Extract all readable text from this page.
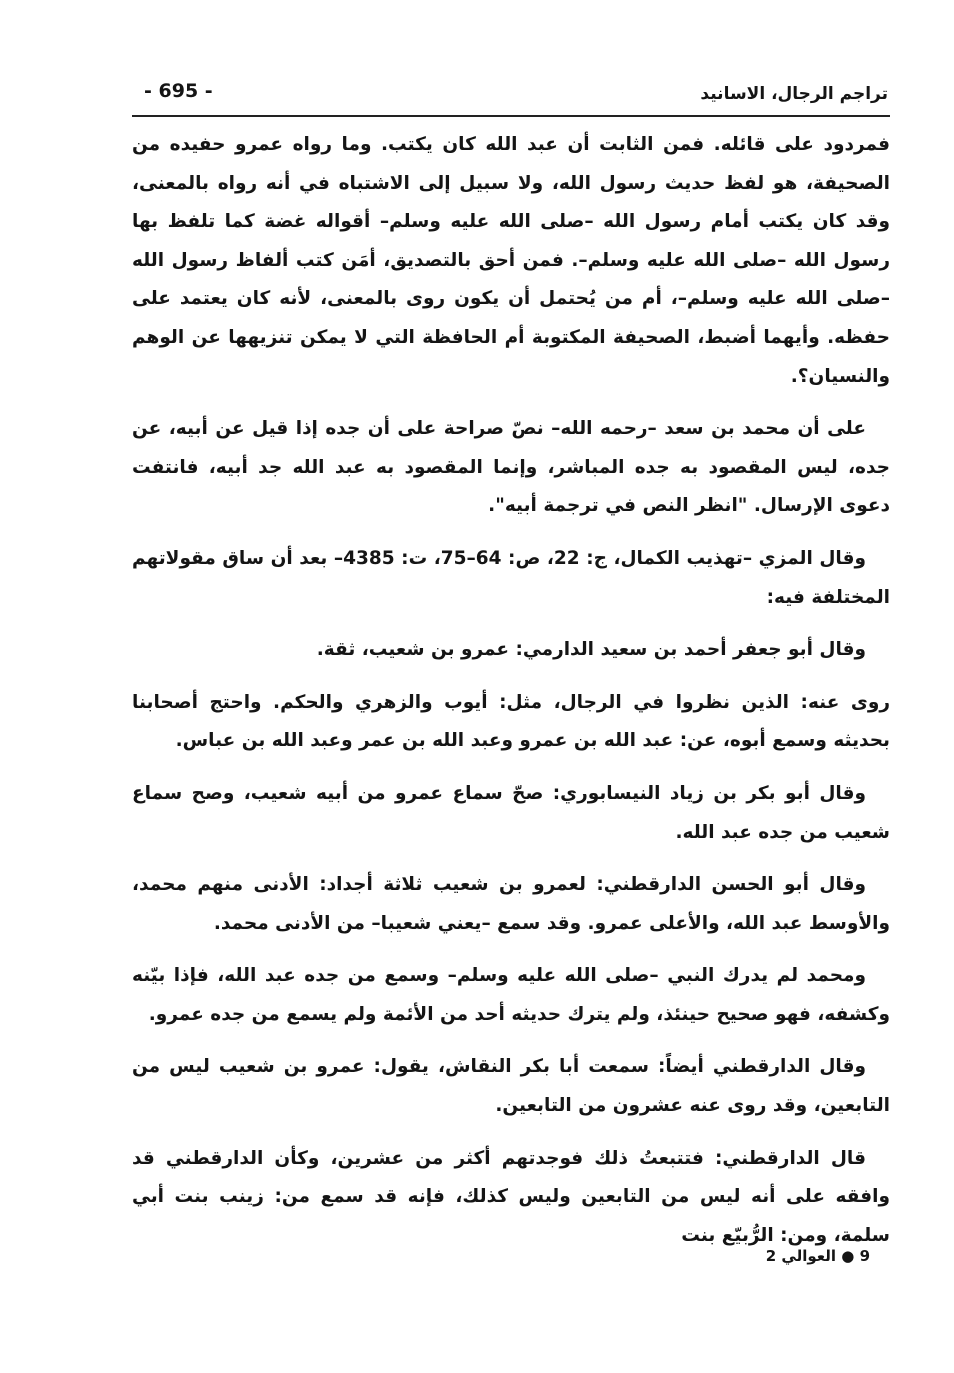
تراجم الرجال، الاسانيد
- 695 -

فمردود على قائله. فمن الثابت أن عبد الله كان يكتب. وما رواه عمرو حفيده من الصحيفة، هو لفظ حديث رسول الله، ولا سبيل إلى الاشتباه في أنه رواه بالمعنى، وقد كان يكتب أمام رسول الله –صلى الله عليه وسلم– أقواله غضة كما تلفظ بها رسول الله –صلى الله عليه وسلم–. فمن أحق بالتصديق، أمَن كتب ألفاظ رسول الله –صلى الله عليه وسلم–، أم من يُحتمل أن يكون روى بالمعنى، لأنه كان يعتمد على حفظه. وأيهما أضبط، الصحيفة المكتوبة أم الحافظة التي لا يمكن تنزيهها عن الوهم والنسيان؟.

على أن محمد بن سعد –رحمه الله– نصّ صراحة على أن جده إذا قيل عن أبيه، عن جده، ليس المقصود به جده المباشر، وإنما المقصود به عبد الله جد أبيه، فانتفت دعوى الإرسال. "انظر النص في ترجمة أبيه".

وقال المزي –تهذيب الكمال، ج: 22، ص: 64–75، ت: 4385– بعد أن ساق مقولاتهم المختلفة فيه:

وقال أبو جعفر أحمد بن سعيد الدارمي: عمرو بن شعيب، ثقة.

روى عنه: الذين نظروا في الرجال، مثل: أيوب والزهري والحكم. واحتج أصحابنا بحديثه وسمع أبوه، عن: عبد الله بن عمرو وعبد الله بن عمر وعبد الله بن عباس.

وقال أبو بكر بن زياد النيسابوري: صحّ سماع عمرو من أبيه شعيب، وصح سماع شعيب من جده عبد الله.

وقال أبو الحسن الدارقطني: لعمرو بن شعيب ثلاثة أجداد: الأدنى منهم محمد، والأوسط عبد الله، والأعلى عمرو. وقد سمع –يعني شعيبا– من الأدنى محمد.

ومحمد لم يدرك النبي –صلى الله عليه وسلم– وسمع من جده عبد الله، فإذا بيّنه وكشفه، فهو صحيح حينئذ، ولم يترك حديثه أحد من الأئمة ولم يسمع من جده عمرو.

وقال الدارقطني أيضاً: سمعت أبا بكر النقاش، يقول: عمرو بن شعيب ليس من التابعين، وقد روى عنه عشرون من التابعين.

قال الدارقطني: فتتبعتُ ذلك فوجدتهم أكثر من عشرين، وكأن الدارقطني قد وافقه على أنه ليس من التابعين وليس كذلك، فإنه قد سمع من: زينب بنت أبي سلمة، ومن: الرُّبيّع بنت

9 ● العوالي 2
